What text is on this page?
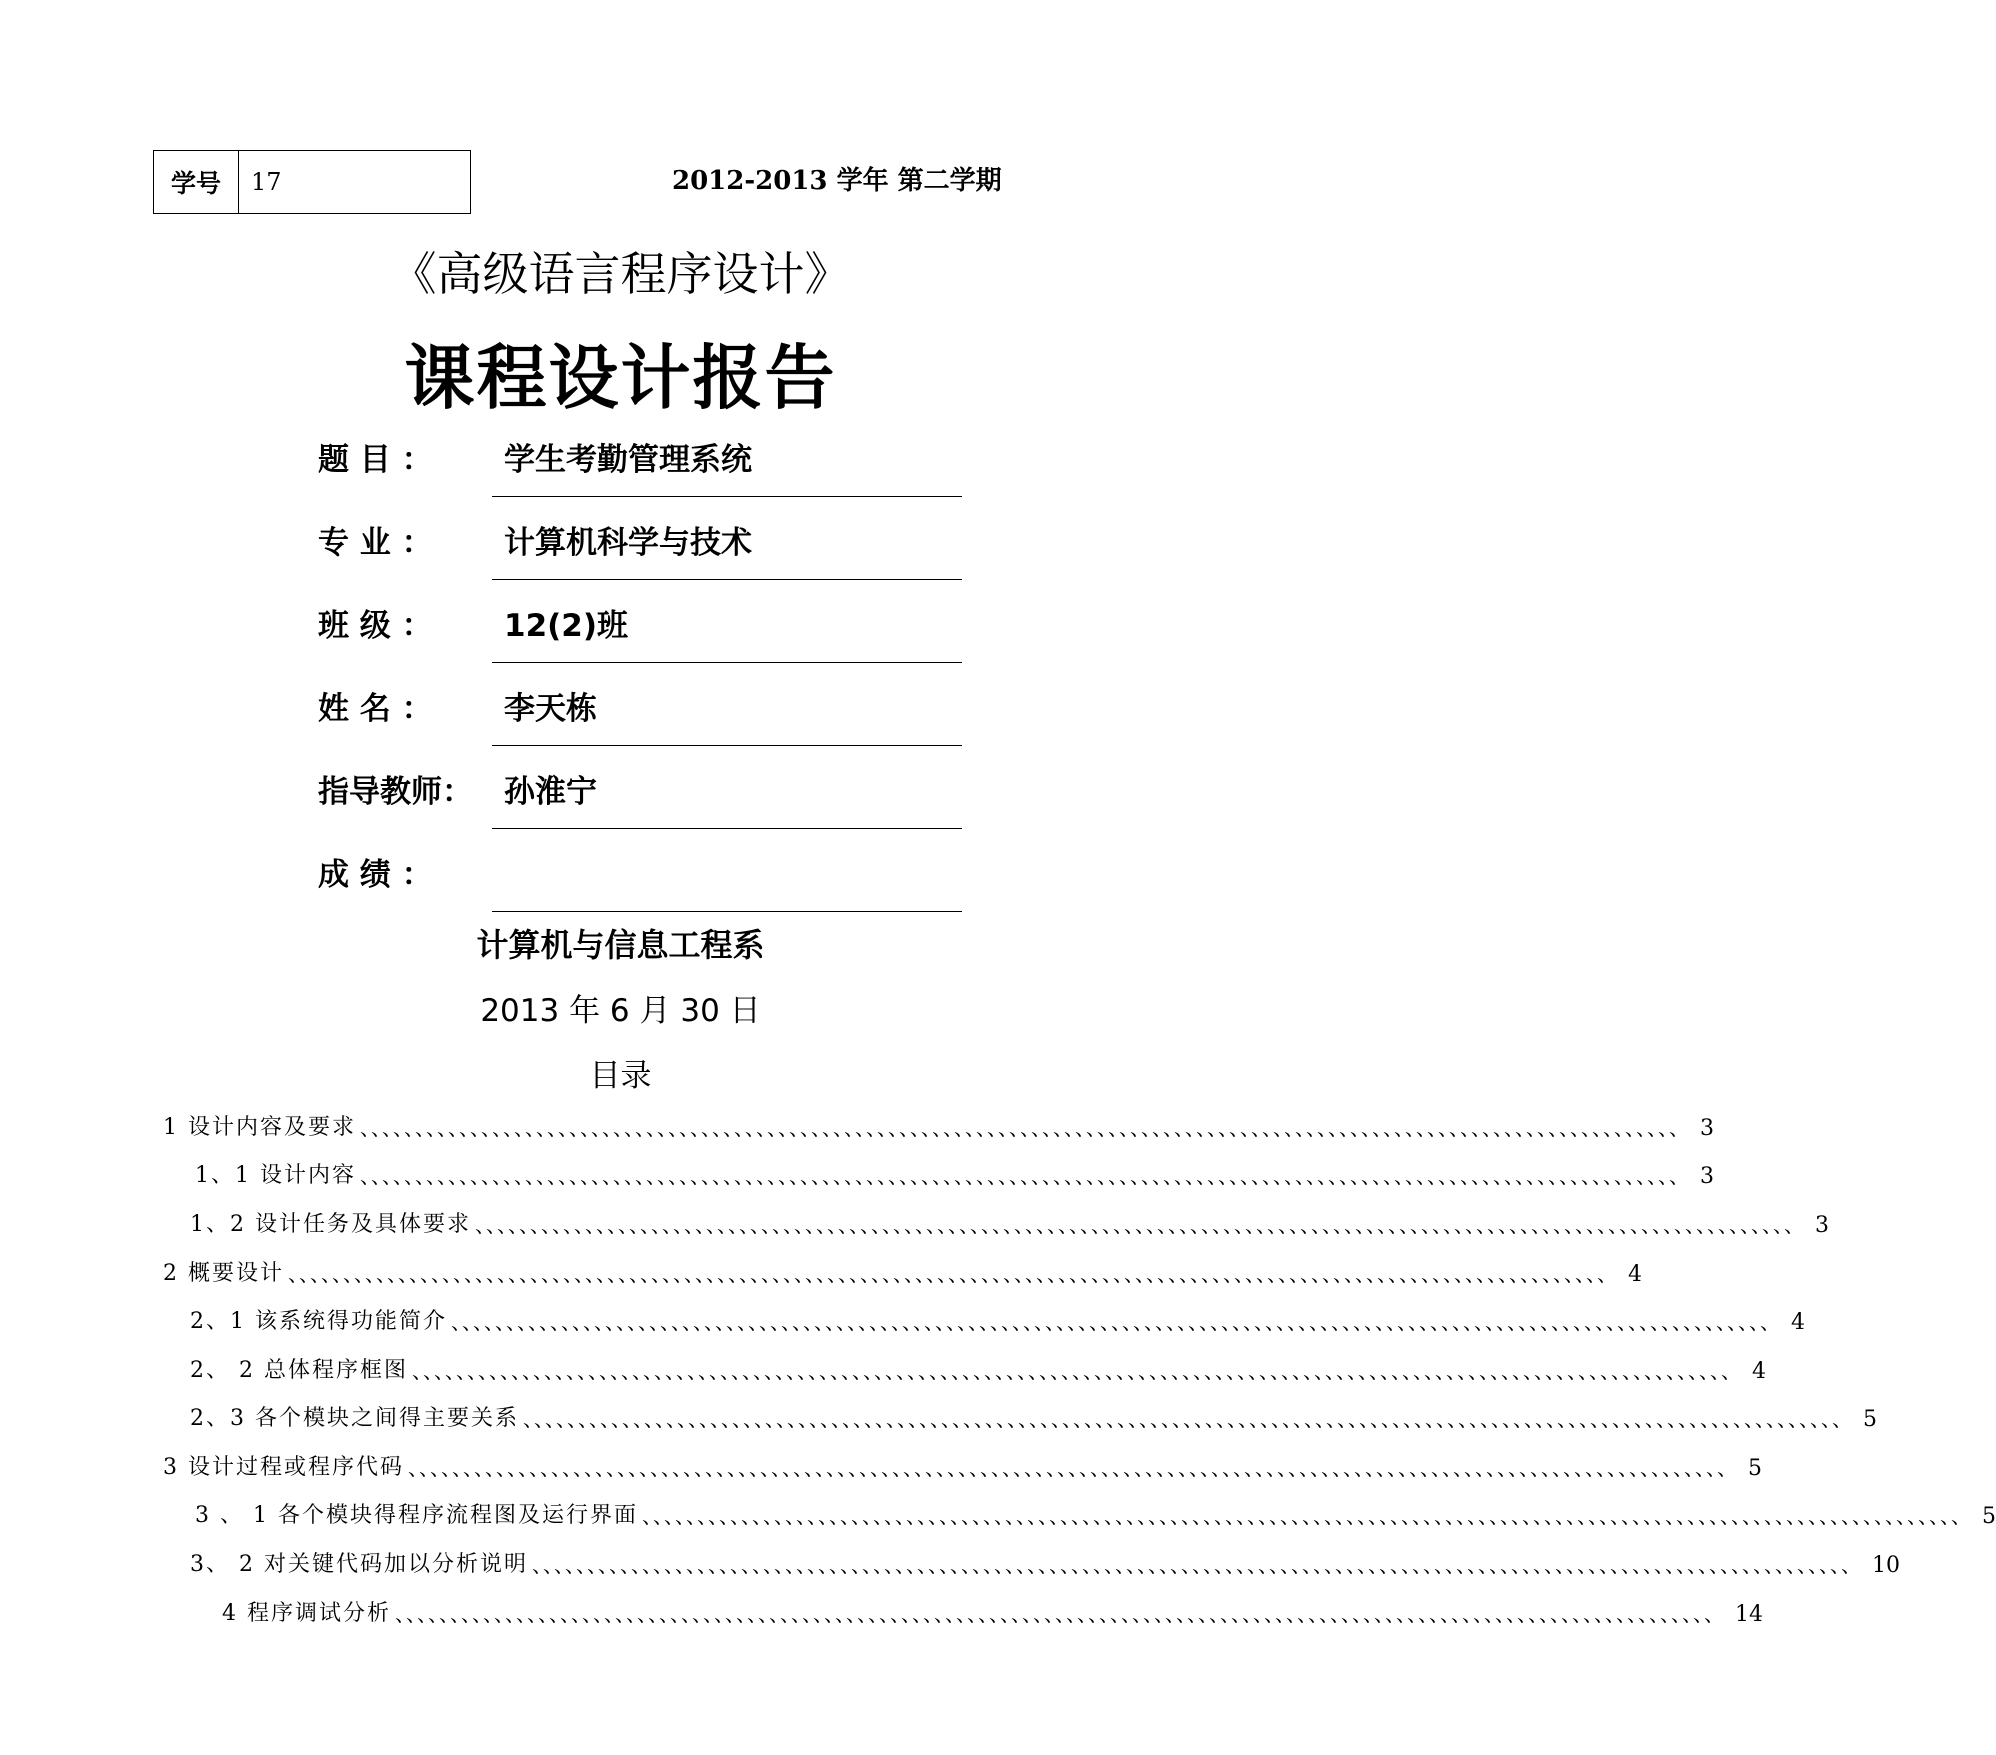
学号	17	2012-2013 学年 第二学期
《高级语言程序设计》
课程设计报告
题 目 ：	学生考勤管理系统
专 业 ：	计算机科学与技术
班 级 ：	12(2)班
姓 名 ：	李天栋
指导教师：	孙淮宁
成 绩 ：
计算机与信息工程系
2013 年 6 月 30 日
目录
1 设计内容及要求 、、、、、、、、、、、、、、、、、、、、、、、、、、、、、、、、、、、、、、、、、、、、、、、、、、、、、、、、、、、、、、、、、、、、、、、、、、、、、、、、、、、、、、、、、、、、、、、、、、、、、、、、、、、、、、、、、、、、、、、、 3
1、1 设计内容 、、、、、、、、、、、、、、、、、、、、、、、、、、、、、、、、、、、、、、、、、、、、、、、、、、、、、、、、、、、、、、、、、、、、、、、、、、、、、、、、、、、、、、、、、、、、、、、、、、、、、、、、、、、、、、、、、、、、、、、、 3
1、2 设计任务及具体要求 、、、、、、、、、、、、、、、、、、、、、、、、、、、、、、、、、、、、、、、、、、、、、、、、、、、、、、、、、、、、、、、、、、、、、、、、、、、、、、、、、、、、、、、、、、、、、、、、、、、、、、、、、、、、、、、、、、、、、、、、 3
2 概要设计 、、、、、、、、、、、、、、、、、、、、、、、、、、、、、、、、、、、、、、、、、、、、、、、、、、、、、、、、、、、、、、、、、、、、、、、、、、、、、、、、、、、、、、、、、、、、、、、、、、、、、、、、、、、、、、、、、、、、、、、、 4
2、1 该系统得功能简介 、、、、、、、、、、、、、、、、、、、、、、、、、、、、、、、、、、、、、、、、、、、、、、、、、、、、、、、、、、、、、、、、、、、、、、、、、、、、、、、、、、、、、、、、、、、、、、、、、、、、、、、、、、、、、、、、、、、、、、、、 4
2、 2 总体程序框图 、、、、、、、、、、、、、、、、、、、、、、、、、、、、、、、、、、、、、、、、、、、、、、、、、、、、、、、、、、、、、、、、、、、、、、、、、、、、、、、、、、、、、、、、、、、、、、、、、、、、、、、、、、、、、、、、、、、、、、、、 4
2、3 各个模块之间得主要关系 、、、、、、、、、、、、、、、、、、、、、、、、、、、、、、、、、、、、、、、、、、、、、、、、、、、、、、、、、、、、、、、、、、、、、、、、、、、、、、、、、、、、、、、、、、、、、、、、、、、、、、、、、、、、、、、、、、、、、、、、 5
3 设计过程或程序代码 、、、、、、、、、、、、、、、、、、、、、、、、、、、、、、、、、、、、、、、、、、、、、、、、、、、、、、、、、、、、、、、、、、、、、、、、、、、、、、、、、、、、、、、、、、、、、、、、、、、、、、、、、、、、、、、、、、、、、、、、 5
3 、 1 各个模块得程序流程图及运行界面 、、、、、、、、、、、、、、、、、、、、、、、、、、、、、、、、、、、、、、、、、、、、、、、、、、、、、、、、、、、、、、、、、、、、、、、、、、、、、、、、、、、、、、、、、、、、、、、、、、、、、、、、、、、、、、、、、、、、、、、、 5
3、 2 对关键代码加以分析说明 、、、、、、、、、、、、、、、、、、、、、、、、、、、、、、、、、、、、、、、、、、、、、、、、、、、、、、、、、、、、、、、、、、、、、、、、、、、、、、、、、、、、、、、、、、、、、、、、、、、、、、、、、、、、、、、、、、、、、、、、 10
4 程序调试分析 、、、、、、、、、、、、、、、、、、、、、、、、、、、、、、、、、、、、、、、、、、、、、、、、、、、、、、、、、、、、、、、、、、、、、、、、、、、、、、、、、、、、、、、、、、、、、、、、、、、、、、、、、、、、、、、、、、、、、、、、 14
